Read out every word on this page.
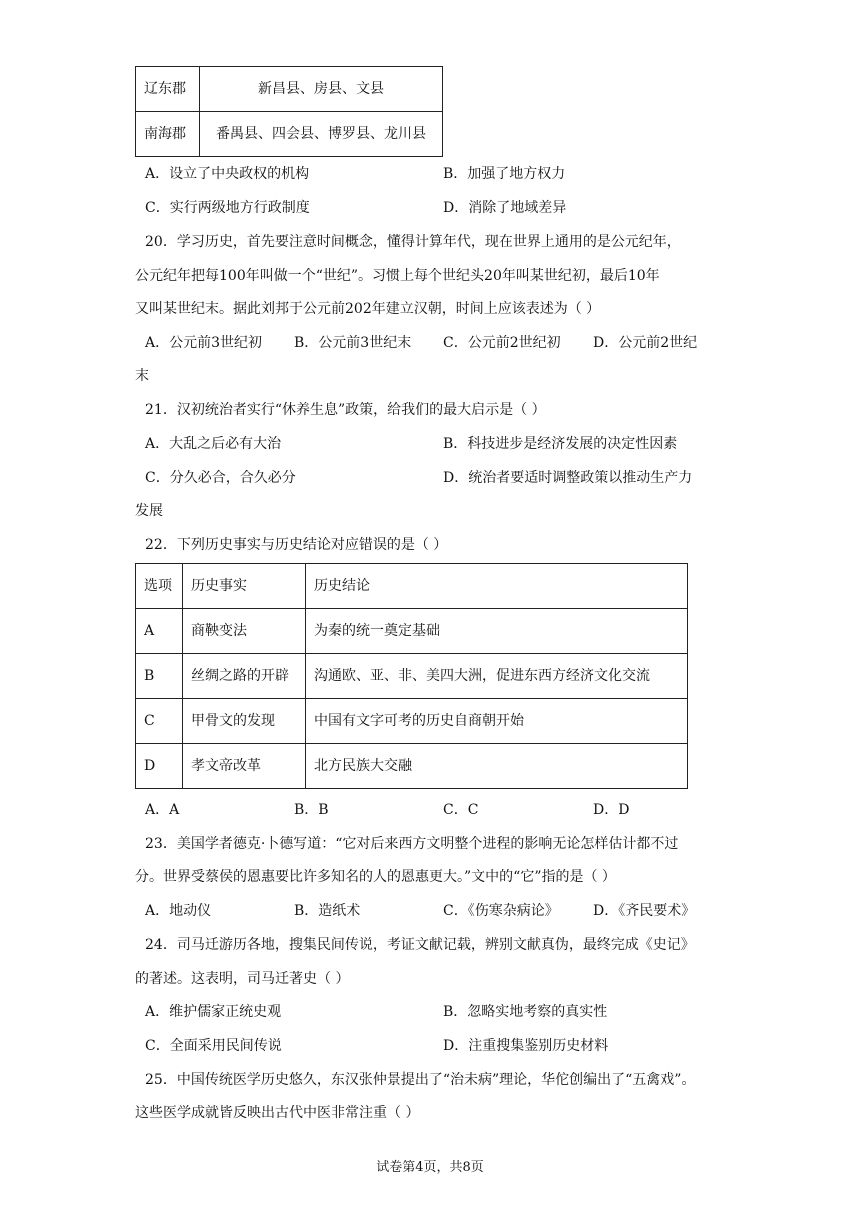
辽东郡	新昌县、房县、文县
南海郡	番禺县、四会县、博罗县、龙川县
A．设立了中央政权的机构	B．加强了地方权力
C．实行两级地方行政制度	D．消除了地域差异
20．学习历史，首先要注意时间概念，懂得计算年代，现在世界上通用的是公元纪年，
公元纪年把每100年叫做一个“世纪”。习惯上每个世纪头20年叫某世纪初，最后10年
又叫某世纪末。据此刘邦于公元前202年建立汉朝，时间上应该表述为（ ）
A．公元前3世纪初 B．公元前3世纪末 C．公元前2世纪初 D．公元前2世纪
末
21．汉初统治者实行“休养生息”政策，给我们的最大启示是（ ）
A．大乱之后必有大治	B．科技进步是经济发展的决定性因素
C．分久必合，合久必分	D．统治者要适时调整政策以推动生产力
发展
22．下列历史事实与历史结论对应错误的是（ ）
选项	历史事实	历史结论
A	商鞅变法	为秦的统一奠定基础
B	丝绸之路的开辟	沟通欧、亚、非、美四大洲，促进东西方经济文化交流
C	甲骨文的发现	中国有文字可考的历史自商朝开始
D	孝文帝改革	北方民族大交融
A．A	B．B	C．C	D．D
23．美国学者德克·卜德写道：“它对后来西方文明整个进程的影响无论怎样估计都不过
分。世界受蔡侯的恩惠要比许多知名的人的恩惠更大。”文中的“它”指的是（ ）
A．地动仪	B．造纸术	C．《伤寒杂病论》 D．《齐民要术》
24．司马迁游历各地，搜集民间传说，考证文献记载，辨别文献真伪，最终完成《史记》
的著述。这表明，司马迁著史（ ）
A．维护儒家正统史观	B．忽略实地考察的真实性
C．全面采用民间传说	D．注重搜集鉴别历史材料
25．中国传统医学历史悠久，东汉张仲景提出了“治未病”理论，华佗创编出了“五禽戏”。
这些医学成就皆反映出古代中医非常注重（ ）
试卷第4页，共8页
